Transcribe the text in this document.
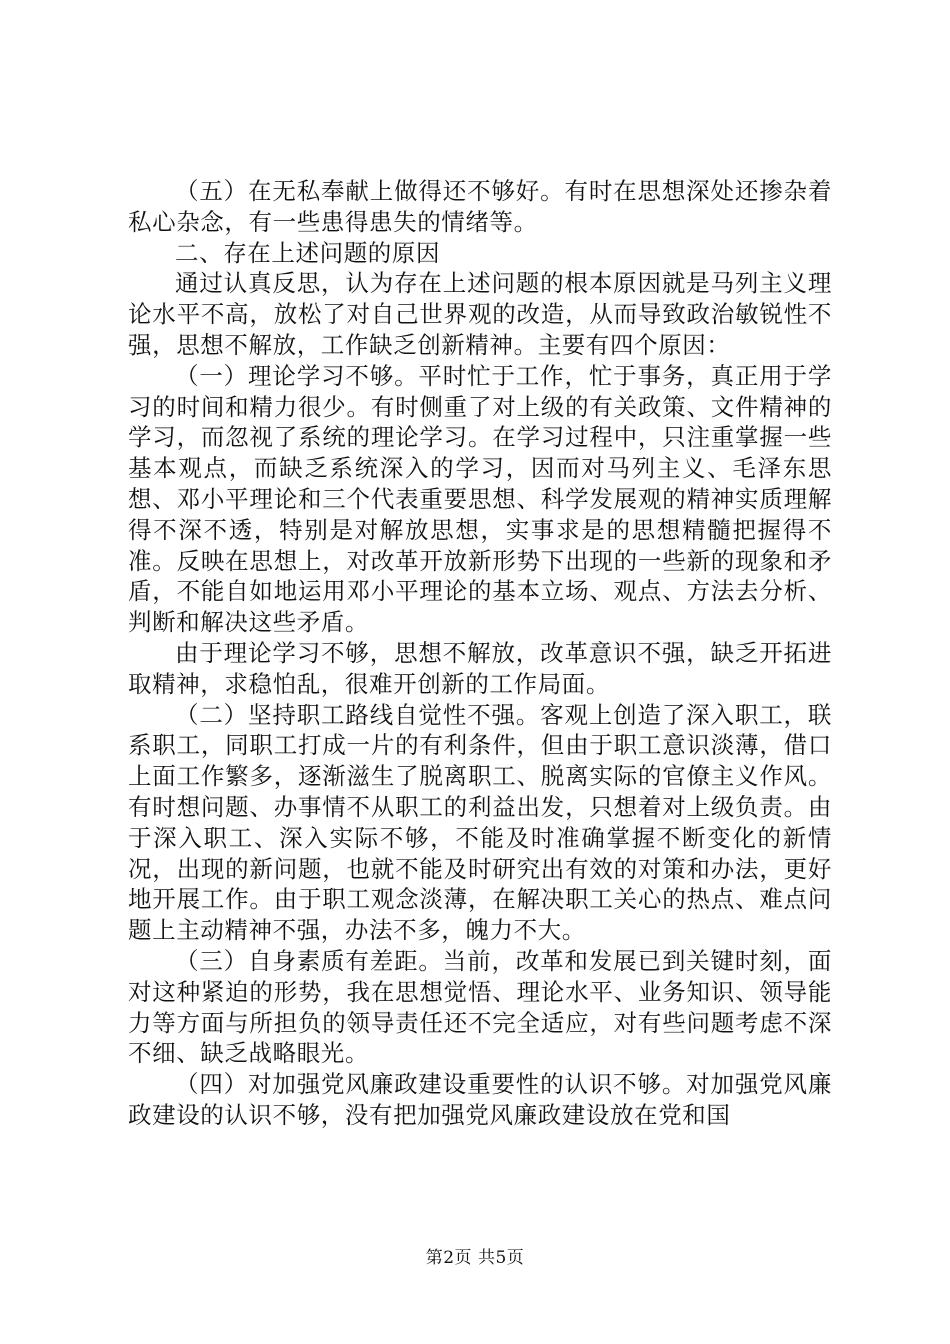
（五）在无私奉献上做得还不够好。有时在思想深处还掺杂着私心杂念，有一些患得患失的情绪等。

二、存在上述问题的原因

通过认真反思，认为存在上述问题的根本原因就是马列主义理论水平不高，放松了对自己世界观的改造，从而导致政治敏锐性不强，思想不解放，工作缺乏创新精神。主要有四个原因：

（一）理论学习不够。平时忙于工作，忙于事务，真正用于学习的时间和精力很少。有时侧重了对上级的有关政策、文件精神的学习，而忽视了系统的理论学习。在学习过程中，只注重掌握一些基本观点，而缺乏系统深入的学习，因而对马列主义、毛泽东思想、邓小平理论和三个代表重要思想、科学发展观的精神实质理解得不深不透，特别是对解放思想，实事求是的思想精髓把握得不准。反映在思想上，对改革开放新形势下出现的一些新的现象和矛盾，不能自如地运用邓小平理论的基本立场、观点、方法去分析、判断和解决这些矛盾。

由于理论学习不够，思想不解放，改革意识不强，缺乏开拓进取精神，求稳怕乱，很难开创新的工作局面。

（二）坚持职工路线自觉性不强。客观上创造了深入职工，联系职工，同职工打成一片的有利条件，但由于职工意识淡薄，借口上面工作繁多，逐渐滋生了脱离职工、脱离实际的官僚主义作风。有时想问题、办事情不从职工的利益出发，只想着对上级负责。由于深入职工、深入实际不够，不能及时准确掌握不断变化的新情况，出现的新问题，也就不能及时研究出有效的对策和办法，更好地开展工作。由于职工观念淡薄，在解决职工关心的热点、难点问题上主动精神不强，办法不多，魄力不大。

（三）自身素质有差距。当前，改革和发展已到关键时刻，面对这种紧迫的形势，我在思想觉悟、理论水平、业务知识、领导能力等方面与所担负的领导责任还不完全适应，对有些问题考虑不深不细、缺乏战略眼光。

（四）对加强党风廉政建设重要性的认识不够。对加强党风廉政建设的认识不够，没有把加强党风廉政建设放在党和国

第2页 共5页
